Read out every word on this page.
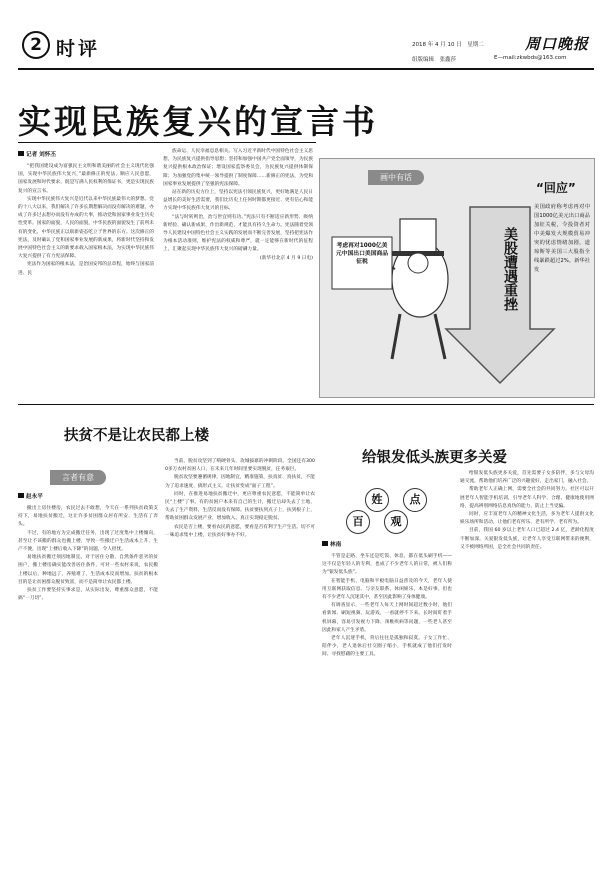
2 时评	2018 年 4 月 10 日　星期二	周口晚报
组版编辑　张鑫莎	E—mail:zkwbds@163.com
实现民族复兴的宣言书
记者 刘怀丕

“把我国建设成为富强民主文明和谐美丽的社会主义现代化强国，实现中华民族伟大复兴，”最新修正的宪法，顺应人民意愿，国家发展和时代要求，既是写满人民权利的保证书，更是实现民族复兴的宣言书。

实现中华民族伟大复兴是近代以来中华民族最伟大的梦想。党的十八大以来，我们解决了许多长期想解决而没有解决的难题，办成了许多过去想办而没有办成的大事，推动党和国家事业发生历史性变革。国家的面貌，人民的面貌，中华民族的面貌发生了前所未有的变化，中华民族正以崭新姿态屹立于世界的东方。这次修正的宪法，及时确认了党和国家事业发展的新成果，将新时代坚持和发展中国特色社会主义的新要求载入国家根本法，为实现中华民族伟大复兴提供了有力宪法保障。

宪法作为国家的根本法，是治国安邦的总章程，始终与国家前进、民

族命运、人民幸福息息相关。写入习近平新时代中国特色社会主义思想，为民族复兴提供指导思想；坚持和加强中国共产党全面领导，为民族复兴提供根本政治保证；增设国家监察委员会，为民族复兴提供体制保障；为加强党的集中统一领导提供了制度保障……新修正的宪法，为党和国家事业发展提供了坚强的宪法保障。

站在新的历史方位上，坚持以宪法引领民族复兴，更好地满足人民日益增长的美好生活需要，我们比历史上任何时期都更接近、更有信心和能力实现中华民族伟大复兴的目标。

“法与时转则治，治与世宜则有功。”宪法只有不断适应新形势、吸纳新经验、确认新成果，作出新规范，才能具有持久生命力。宪法随着党领导人民建设中国特色社会主义实践的发展而不断完善发展，坚持把宪法作为根本活动准则，维护宪法的权威和尊严，就一定能够在新时代的征程上，汇聚起实现中华民族伟大复兴的磅礴力量。

(新华社北京 4 月 9 日电)

画中有话
考虑再对1000亿美元中国出口美国商品征税	美股遭遇重挫
“回应”
美国政府称考虑再对中国1000亿美元出口商品加征关税，令投资者对中美爆发大规模贸易冲突的忧虑情绪加剧，道琼斯等美国三大股指全线暴跌超过2%。新华社发
扶贫不是让农民都上楼
言者有意
赵永平

撤出上房住楼房，农民过去不敢想，今天在一系列扶贫政策支持下，易地扶贫搬迁，这让许多贫困群众居有所安、生活有了奔头。

不过，有的地方为完成搬迁任务，出现了过度集中上楼倾向，甚至让不该搬的群众也搬上楼，导致一些搬迁户生活成本上升、生产不便，出现“上楼后收入下降”的问题，令人担忧。

易地扶贫搬迁须因地制宜。对于居住分散、自然条件恶劣的贫困户，搬上楼房确实能改善居住条件，可对一些农村来说，农民搬上楼以后，种地远了，养殖难了，生活成本反而增加。扶贫的根本目的是让贫困群众脱贫致富，而不是简单让农民都上楼。

扶贫工作要坚持实事求是，从实际出发，尊重群众意愿，不能搞“一刀切”。

当前，脱贫攻坚到了啃硬骨头、攻城拔寨的冲刺阶段。全国还有3000多万农村贫困人口，在未来几年时间里要实现脱贫，任务艰巨。

脱贫攻坚要遵循规律，因地制宜，精准施策，扶真贫、真扶贫，不能为了追求速度、搞形式主义，让扶贫变成“面子工程”。

同时，在推进易地扶贫搬迁中，更应尊重农民意愿，不能简单让农民“上楼”了事。有的贫困户本来有自己的生计，搬迁后却失去了土地、失去了生产资料，生活反而没有保障。扶贫要扶到点子上、扶到根子上，帮助贫困群众发展产业、增加收入，真正实现稳定脱贫。

农民是否上楼，要看农民的意愿，要看是否有利于生产生活。切不可一味追求集中上楼，让扶贫好事办不好。

给银发低头族更多关爱
百
姓
观
点
林南

不管是走路、坐车还是吃饭、休息，都在低头刷手机——这不仅是年轻人的专利，也成了不少老年人的日常，被人们称为“银发低头族”。

在智能手机、电脑和平板电脑日益普及的今天，老年人使用互联网获取信息、与亲友联系、休闲娱乐，本是好事。但也有不少老年人沉迷其中，甚至因此影响了身体健康。

有调查显示，一些老年人每天上网时间超过数小时，他们看新闻、刷短视频、玩游戏，一看就停不下来。长时间盯着手机屏幕，容易引发视力下降、颈椎疾病等问题，一些老人甚至因此和家人产生矛盾。

老年人沉迷手机，背后往往是孤独和寂寞。子女工作忙、陪伴少，老人退休后社交圈子缩小，手机就成了他们打发时间、寻找慰藉的主要工具。

给银发低头族更多关爱，首先需要子女多陪伴，多与父母沟通交流，帮助他们培养广泛的兴趣爱好，走出家门，融入社会。

帮助老年人正确上网，需要全社会的共同努力。社区可以开展老年人智能手机培训，引导老年人科学、合理、健康地使用网络，提高辨别网络信息真伪的能力，防止上当受骗。

同时，应丰富老年人的精神文化生活，多为老年人提供文化娱乐场所和活动，让他们老有所乐、老有所学、老有所为。

目前，我国 60 岁以上老年人口已超过 2.4 亿，老龄化程度不断加深。关爱银发低头族，让老年人享受互联网带来的便利，又不被网络所困，是全社会共同的责任。
